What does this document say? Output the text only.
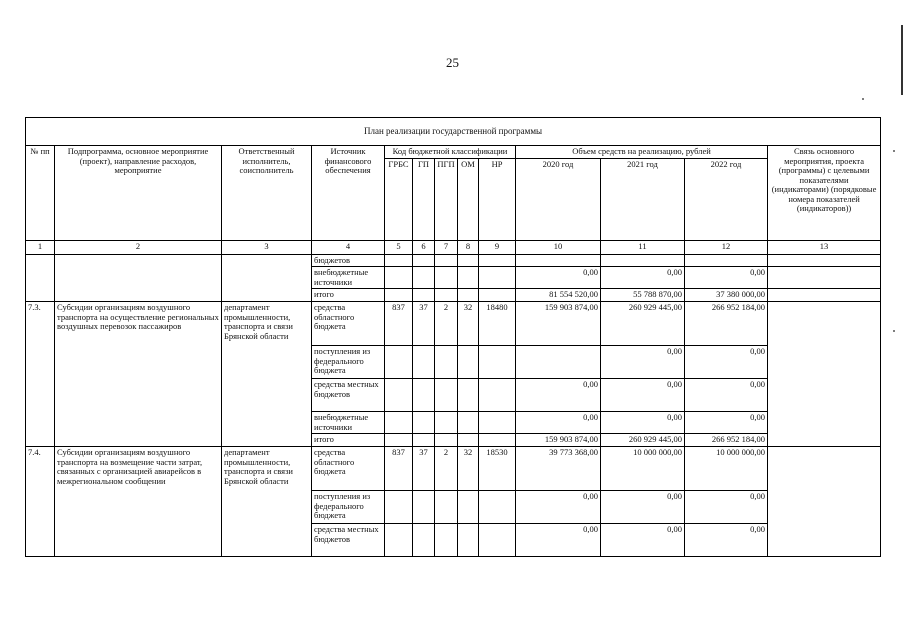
25
План реализации государственной программы												
№ пп	Подпрограмма, основное мероприятие (проект), направление расходов, мероприятие	Ответственный исполнитель, соисполнитель	Источник финансового обеспечения	Код бюджетной классификации					Объем средств на реализацию, рублей			Связь основного мероприятия, проекта (программы) с целевыми показателями (индикаторами) (порядковые номера показателей (индикаторов))
				ГРБС	ГП	ПГП	ОМ	НР	2020 год	2021 год	2022 год	
1	2	3	4	5	6	7	8	9	10	11	12	13
			бюджетов									
			внебюджетные источники						0,00	0,00	0,00	
			итого						81 554 520,00	55 788 870,00	37 380 000,00	
7.3.	Субсидии организациям воздушного транспорта на осуществление региональных воздушных перевозок пассажиров	департамент промышленности, транспорта и связи Брянской области	средства областного бюджета	837	37	2	32	18480	159 903 874,00	260 929 445,00	266 952 184,00	
			поступления из федерального бюджета							0,00	0,00	
			средства местных бюджетов						0,00	0,00	0,00	
			внебюджетные источники						0,00	0,00	0,00	
			итого						159 903 874,00	260 929 445,00	266 952 184,00	
7.4.	Субсидии организациям воздушного транспорта на возмещение части затрат, связанных с организацией авиарейсов в межрегиональном сообщении	департамент промышленности, транспорта и связи Брянской области	средства областного бюджета	837	37	2	32	18530	39 773 368,00	10 000 000,00	10 000 000,00	
			поступления из федерального бюджета						0,00	0,00	0,00	
			средства местных бюджетов						0,00	0,00	0,00	
